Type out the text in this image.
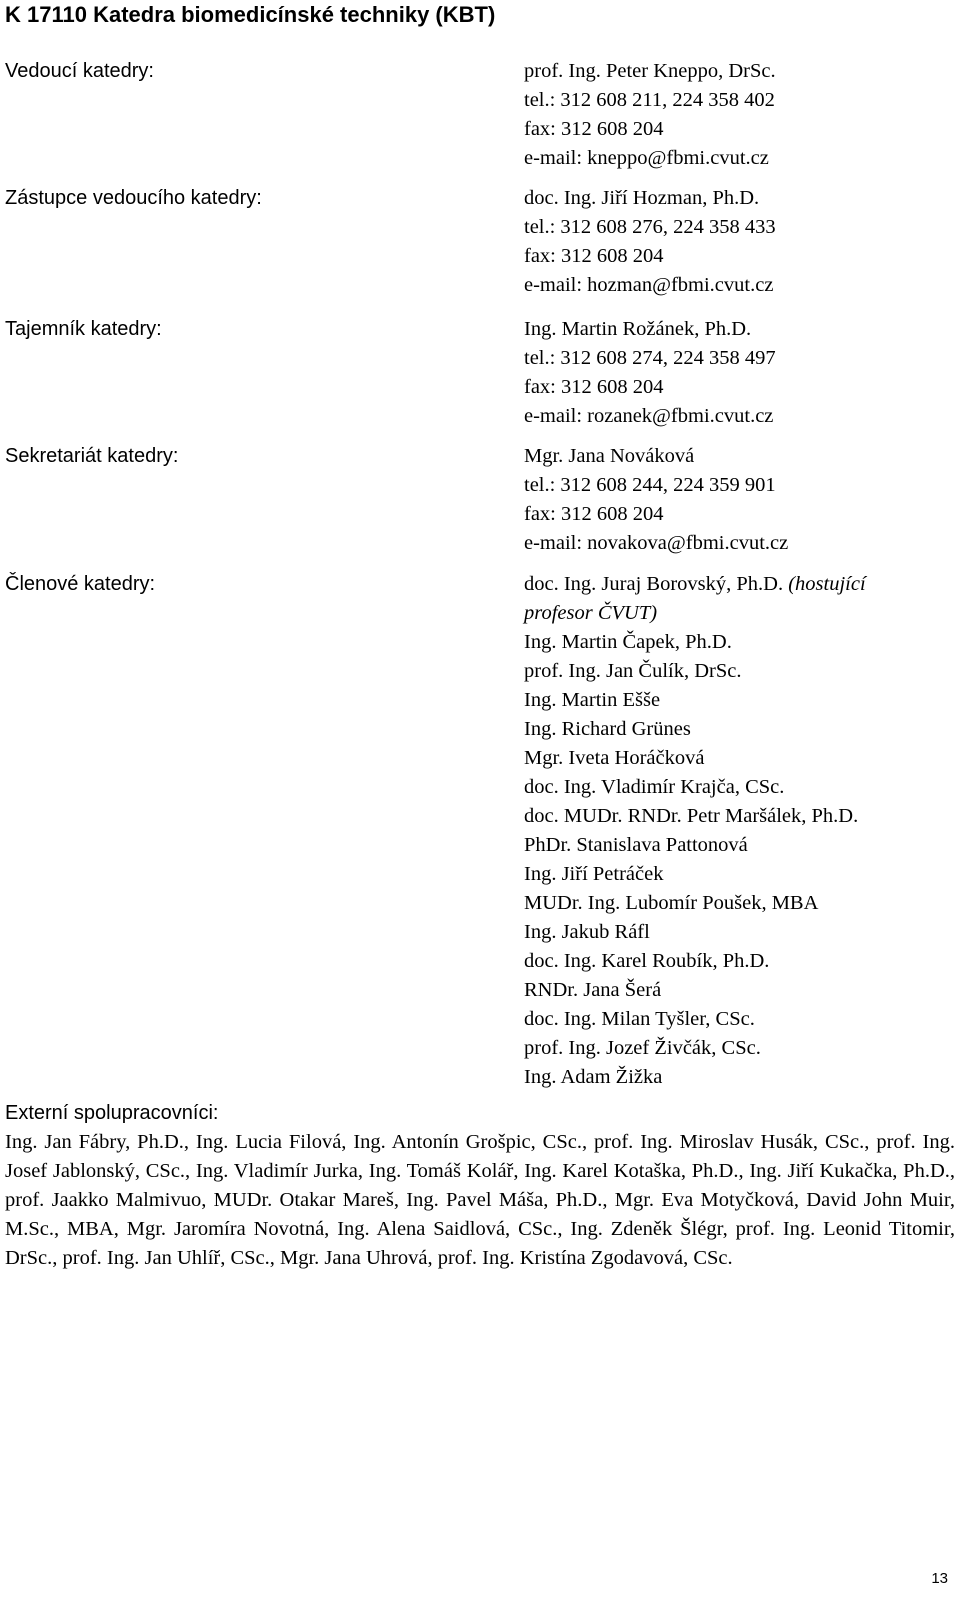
K 17110 Katedra biomedicínské techniky (KBT)
Vedoucí katedry:	prof. Ing. Peter Kneppo, DrSc.
tel.: 312 608 211, 224 358 402
fax: 312 608 204
e-mail: kneppo@fbmi.cvut.cz
Zástupce vedoucího katedry:	doc. Ing. Jiří Hozman, Ph.D.
tel.: 312 608 276, 224 358 433
fax: 312 608 204
e-mail: hozman@fbmi.cvut.cz
Tajemník katedry:	Ing. Martin Rožánek, Ph.D.
tel.: 312 608 274, 224 358 497
fax: 312 608 204
e-mail: rozanek@fbmi.cvut.cz
Sekretariát katedry:	Mgr. Jana Nováková
tel.: 312 608 244, 224 359 901
fax: 312 608 204
e-mail: novakova@fbmi.cvut.cz
Členové katedry:	doc. Ing. Juraj Borovský, Ph.D. (hostující
profesor ČVUT)
Ing. Martin Čapek, Ph.D.
prof. Ing. Jan Čulík, DrSc.
Ing. Martin Ešše
Ing. Richard Grünes
Mgr. Iveta Horáčková
doc. Ing. Vladimír Krajča, CSc.
doc. MUDr. RNDr. Petr Maršálek, Ph.D.
PhDr. Stanislava Pattonová
Ing. Jiří Petráček
MUDr. Ing. Lubomír Poušek, MBA
Ing. Jakub Ráfl
doc. Ing. Karel Roubík, Ph.D.
RNDr. Jana Šerá
doc. Ing. Milan Tyšler, CSc.
prof. Ing. Jozef Živčák, CSc.
Ing. Adam Žižka
Externí spolupracovníci:
Ing. Jan Fábry, Ph.D., Ing. Lucia Filová, Ing. Antonín Grošpic, CSc., prof. Ing. Miroslav Husák, CSc., prof. Ing. Josef Jablonský, CSc., Ing. Vladimír Jurka, Ing. Tomáš Kolář, Ing. Karel Kotaška, Ph.D., Ing. Jiří Kukačka, Ph.D., prof. Jaakko Malmivuo, MUDr. Otakar Mareš, Ing. Pavel Máša, Ph.D., Mgr. Eva Motyčková, David John Muir, M.Sc., MBA, Mgr. Jaromíra Novotná, Ing. Alena Saidlová, CSc., Ing. Zdeněk Šlégr, prof. Ing. Leonid Titomir, DrSc., prof. Ing. Jan Uhlíř, CSc., Mgr. Jana Uhrová, prof. Ing. Kristína Zgodavová, CSc.
13
